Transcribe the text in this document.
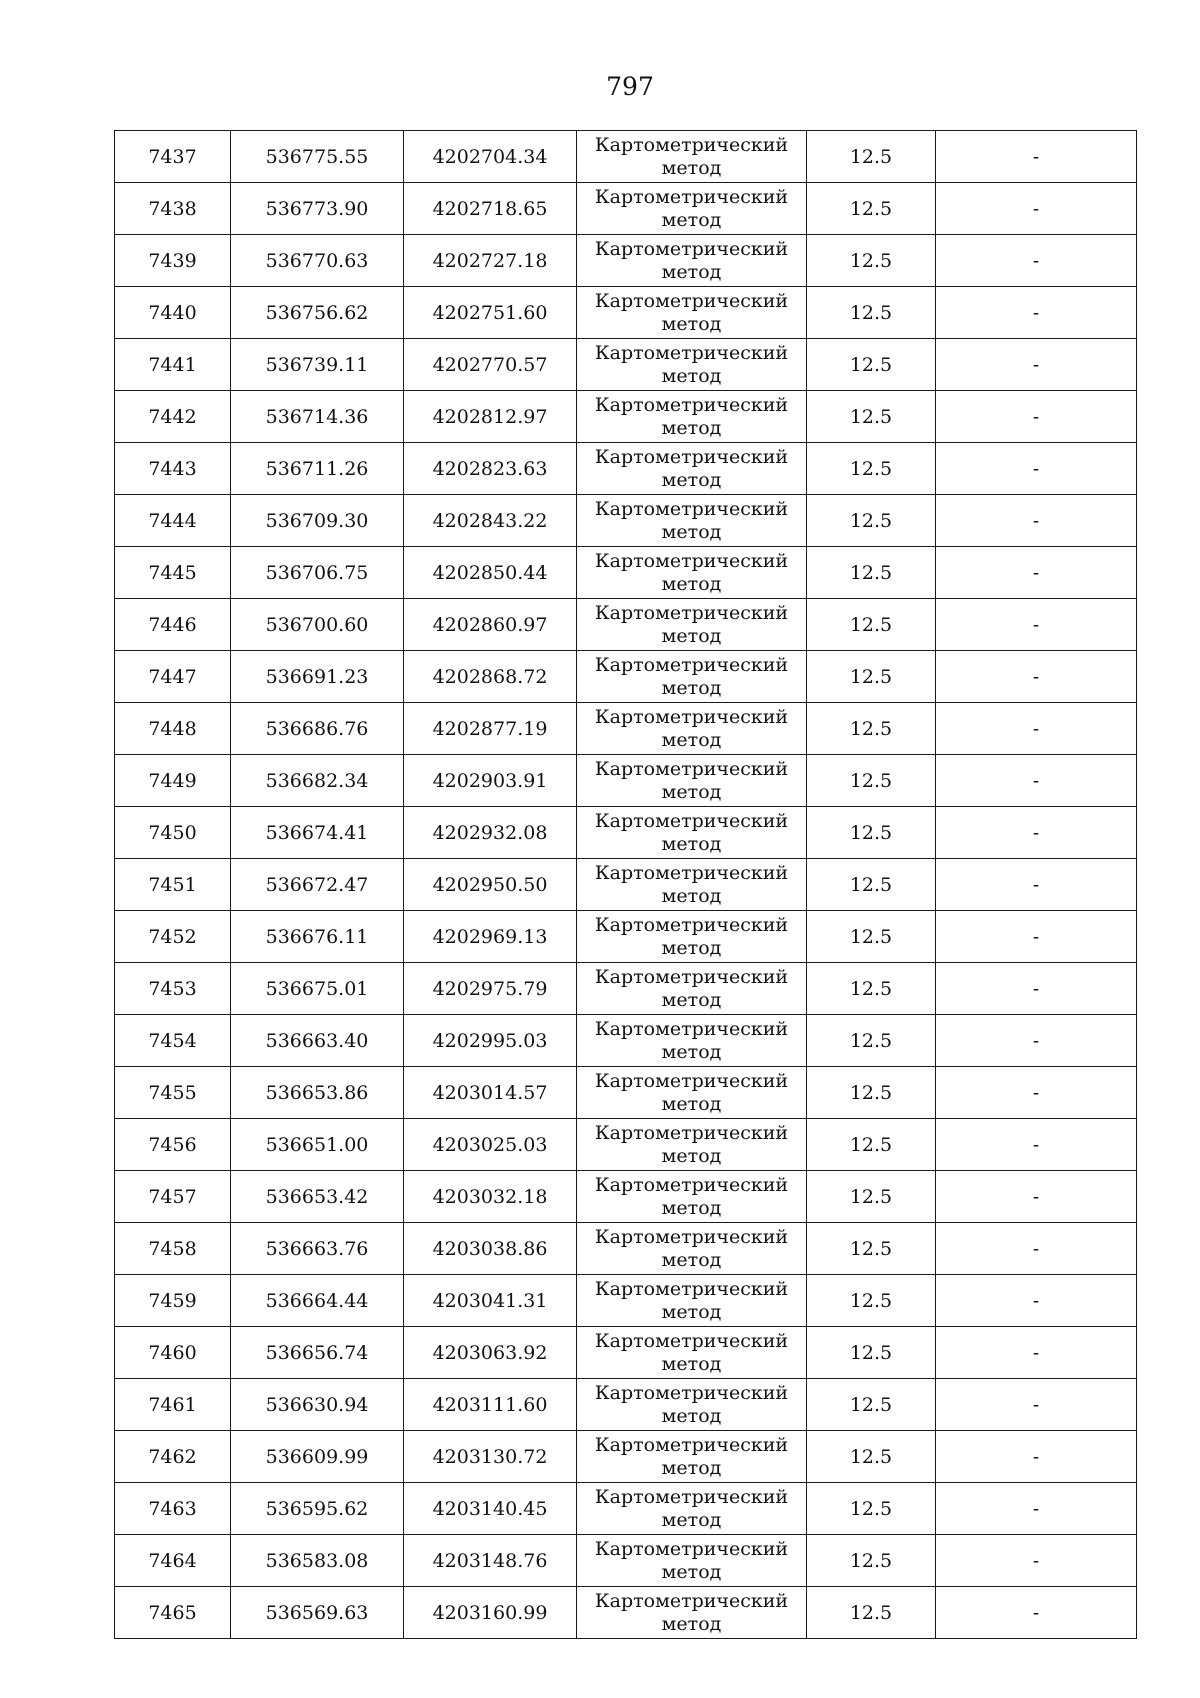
797
7437	536775.55	4202704.34	Картометрический
метод	12.5	-
7438	536773.90	4202718.65	Картометрический
метод	12.5	-
7439	536770.63	4202727.18	Картометрический
метод	12.5	-
7440	536756.62	4202751.60	Картометрический
метод	12.5	-
7441	536739.11	4202770.57	Картометрический
метод	12.5	-
7442	536714.36	4202812.97	Картометрический
метод	12.5	-
7443	536711.26	4202823.63	Картометрический
метод	12.5	-
7444	536709.30	4202843.22	Картометрический
метод	12.5	-
7445	536706.75	4202850.44	Картометрический
метод	12.5	-
7446	536700.60	4202860.97	Картометрический
метод	12.5	-
7447	536691.23	4202868.72	Картометрический
метод	12.5	-
7448	536686.76	4202877.19	Картометрический
метод	12.5	-
7449	536682.34	4202903.91	Картометрический
метод	12.5	-
7450	536674.41	4202932.08	Картометрический
метод	12.5	-
7451	536672.47	4202950.50	Картометрический
метод	12.5	-
7452	536676.11	4202969.13	Картометрический
метод	12.5	-
7453	536675.01	4202975.79	Картометрический
метод	12.5	-
7454	536663.40	4202995.03	Картометрический
метод	12.5	-
7455	536653.86	4203014.57	Картометрический
метод	12.5	-
7456	536651.00	4203025.03	Картометрический
метод	12.5	-
7457	536653.42	4203032.18	Картометрический
метод	12.5	-
7458	536663.76	4203038.86	Картометрический
метод	12.5	-
7459	536664.44	4203041.31	Картометрический
метод	12.5	-
7460	536656.74	4203063.92	Картометрический
метод	12.5	-
7461	536630.94	4203111.60	Картометрический
метод	12.5	-
7462	536609.99	4203130.72	Картометрический
метод	12.5	-
7463	536595.62	4203140.45	Картометрический
метод	12.5	-
7464	536583.08	4203148.76	Картометрический
метод	12.5	-
7465	536569.63	4203160.99	Картометрический
метод	12.5	-
